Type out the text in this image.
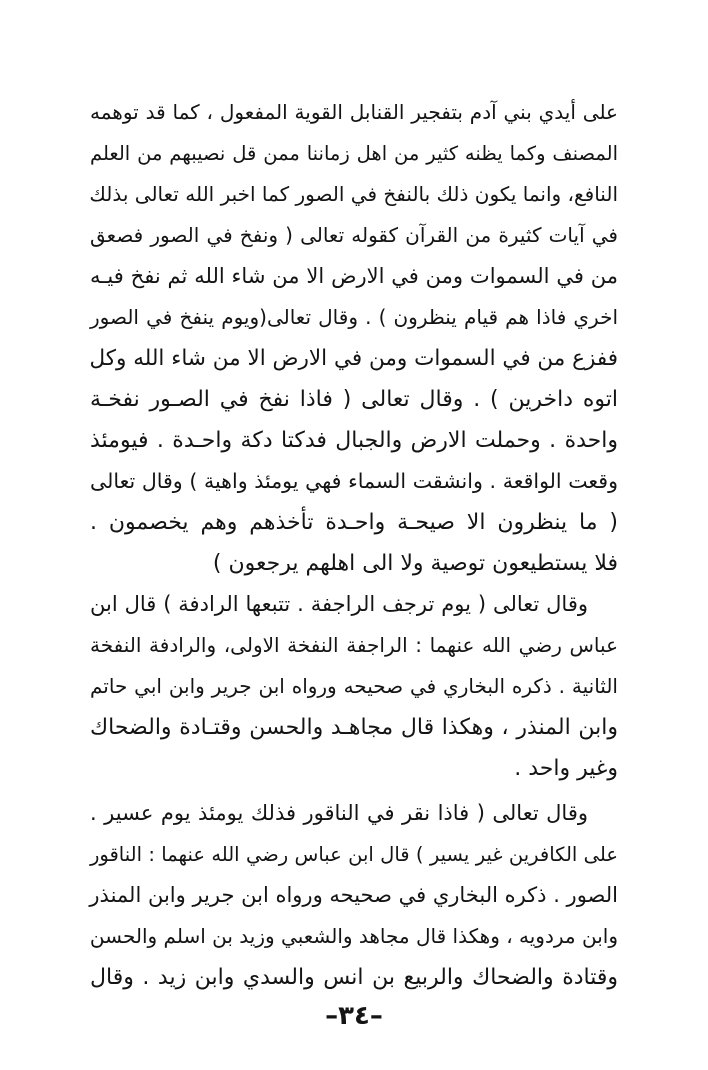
على أيدي بني آدم بتفجير القنابل القوية المفعول ، كما قد توهمه
المصنف وكما يظنه كثير من اهل زماننا ممن قل نصيبهم من العلم
النافع، وانما يكون ذلك بالنفخ في الصور كما اخبر الله تعالى بذلك
في آيات كثيرة من القرآن كقوله تعالى ( ونفخ في الصور فصعق
من في السموات ومن في الارض الا من شاء الله ثم نفخ فيـه
اخري فاذا هم قيام ينظرون ) . وقال تعالى(ويوم ينفخ في الصور
ففزع من في السموات ومن في الارض الا من شاء الله وكل
اتوه داخرين ) . وقال تعالى ( فاذا نفخ في الصـور نفخـة
واحدة . وحملت الارض والجبال فدكتا دكة واحـدة . فيومئذ
وقعت الواقعة . وانشقت السماء فهي يومئذ واهية ) وقال تعالى
( ما ينظرون الا صيحـة واحـدة تأخذهم وهم يخصمون .
فلا يستطيعون توصية ولا الى اهلهم يرجعون )
وقال تعالى ( يوم ترجف الراجفة . تتبعها الرادفة ) قال ابن
عباس رضي الله عنهما : الراجفة النفخة الاولى، والرادفة النفخة
الثانية . ذكره البخاري في صحيحه ورواه ابن جرير وابن ابي حاتم
وابن المنذر ، وهكذا قال مجاهـد والحسن وقتـادة والضحاك
وغير واحد .
وقال تعالى ( فاذا نقر في الناقور فذلك يومئذ يوم عسير .
على الكافرين غير يسير ) قال ابن عباس رضي الله عنهما : الناقور
الصور . ذكره البخاري في صحيحه ورواه ابن جرير وابن المنذر
وابن مردويه ، وهكذا قال مجاهد والشعبي وزيد بن اسلم والحسن
وقتادة والضحاك والربيع بن انس والسدي وابن زيد . وقال
–٣٤–
